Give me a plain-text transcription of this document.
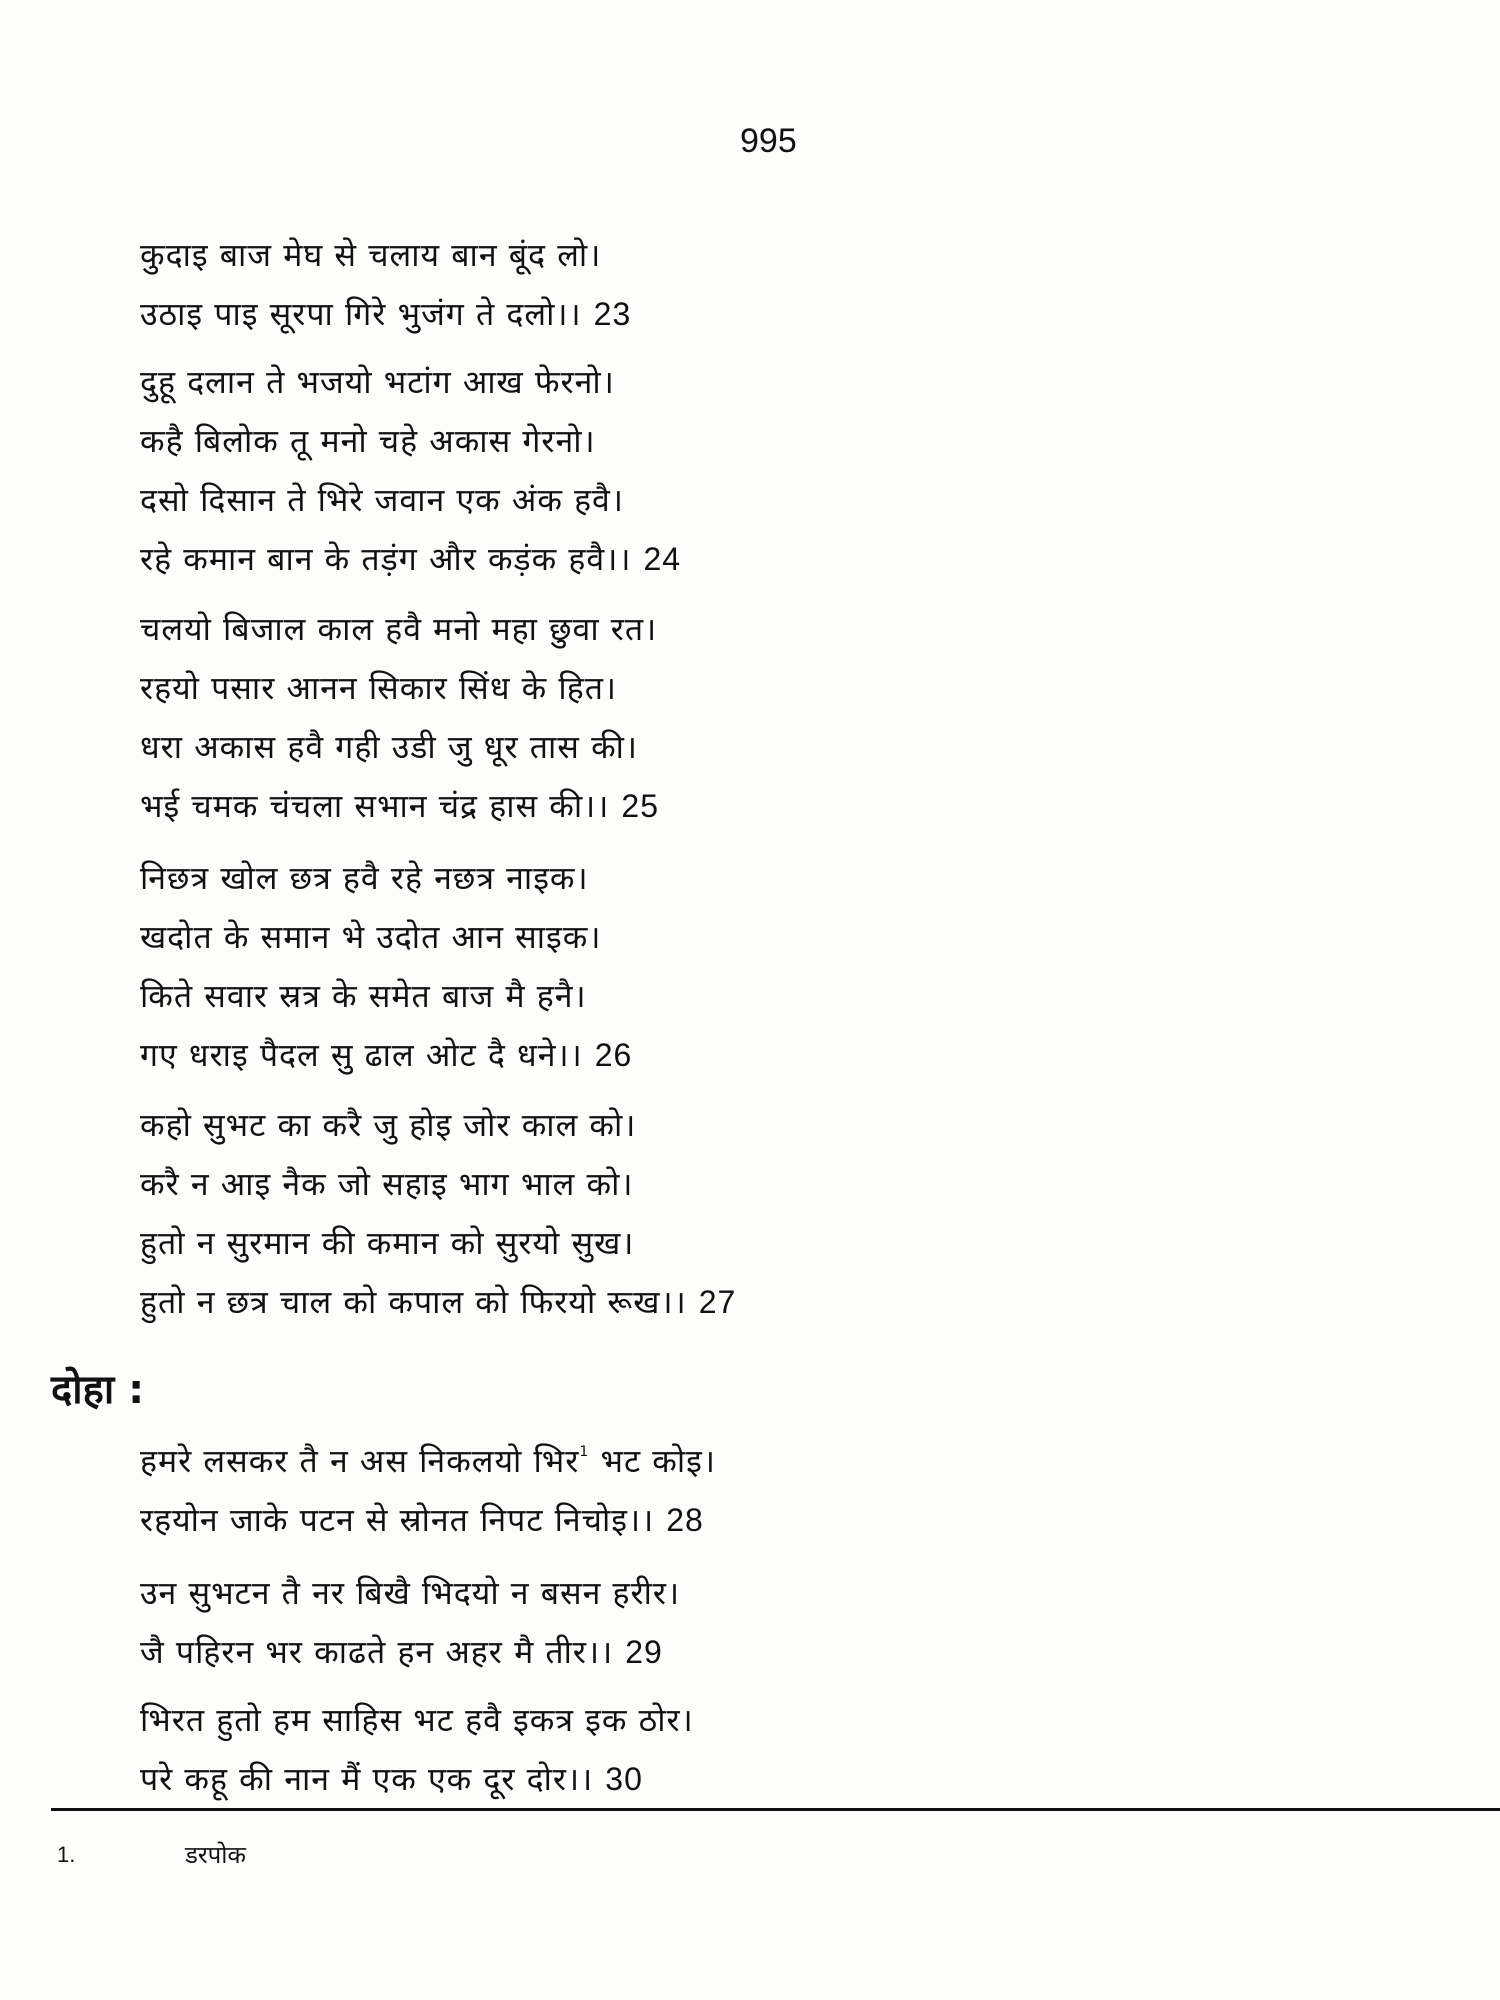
995
कुदाइ बाज मेघ से चलाय बान बूंद लो।
उठाइ पाइ सूरपा गिरे भुजंग ते दलो।। 23
दुहू दलान ते भजयो भटांग आख फेरनो।
कहै बिलोक तू मनो चहे अकास गेरनो।
दसो दिसान ते भिरे जवान एक अंक हवै।
रहे कमान बान के तड़ंग और कड़ंक हवै।। 24
चलयो बिजाल काल हवै मनो महा छुवा रत।
रहयो पसार आनन सिकार सिंध के हित।
धरा अकास हवै गही उडी जु धूर तास की।
भई चमक चंचला सभान चंद्र हास की।। 25
निछत्र खोल छत्र हवै रहे नछत्र नाइक।
खदोत के समान भे उदोत आन साइक।
किते सवार स्रत्र के समेत बाज मै हनै।
गए धराइ पैदल सु ढाल ओट दै धने।। 26
कहो सुभट का करै जु होइ जोर काल को।
करै न आइ नैक जो सहाइ भाग भाल को।
हुतो न सुरमान की कमान को सुरयो सुख।
हुतो न छत्र चाल को कपाल को फिरयो रूख।। 27
दोहा :
हमरे लसकर तै न अस निकलयो भिर$^1$ भट कोइ।
रहयोन जाके पटन से स्रोनत निपट निचोइ।। 28
उन सुभटन तै नर बिखै भिदयो न बसन हरीर।
जै पहिरन भर काढते हन अहर मै तीर।। 29
भिरत हुतो हम साहिस भट हवै इकत्र इक ठोर।
परे कहू की नान मैं एक एक दूर दोर।। 30
1.	डरपोक
